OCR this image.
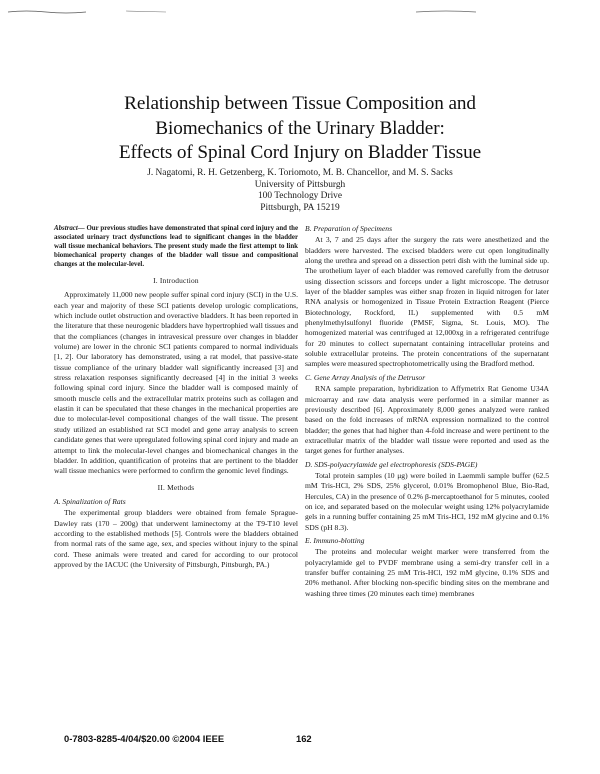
Relationship between Tissue Composition and
Biomechanics of the Urinary Bladder:
Effects of Spinal Cord Injury on Bladder Tissue
J. Nagatomi, R. H. Getzenberg, K. Toriomoto, M. B. Chancellor, and M. S. Sacks
University of Pittsburgh
100 Technology Drive
Pittsburgh, PA 15219

Abstract— Our previous studies have demonstrated that spinal cord injury and the associated urinary tract dysfunctions lead to significant changes in the bladder wall tissue mechanical behaviors. The present study made the first attempt to link biomechanical property changes of the bladder wall tissue and compositional changes at the molecular-level.

I. Introduction

Approximately 11,000 new people suffer spinal cord injury (SCI) in the U.S. each year and majority of these SCI patients develop urologic complications, which include outlet obstruction and overactive bladders. It has been reported in the literature that these neurogenic bladders have hypertrophied wall tissues and that the compliances (changes in intravesical pressure over changes in bladder volume) are lower in the chronic SCI patients compared to normal individuals [1, 2]. Our laboratory has demonstrated, using a rat model, that passive-state tissue compliance of the urinary bladder wall significantly increased [3] and stress relaxation responses significantly decreased [4] in the initial 3 weeks following spinal cord injury. Since the bladder wall is composed mainly of smooth muscle cells and the extracellular matrix proteins such as collagen and elastin it can be speculated that these changes in the mechanical properties are due to molecular-level compositional changes of the wall tissue. The present study utilized an established rat SCI model and gene array analysis to screen candidate genes that were upregulated following spinal cord injury and made an attempt to link the molecular-level changes and biomechanical changes in the bladder. In addition, quantification of proteins that are pertinent to the bladder wall tissue mechanics were performed to confirm the genomic level findings.

II. Methods

A. Spinalization of Rats

The experimental group bladders were obtained from female Sprague-Dawley rats (170 – 200g) that underwent laminectomy at the T9-T10 level according to the established methods [5]. Controls were the bladders obtained from normal rats of the same age, sex, and species without injury to the spinal cord. These animals were treated and cared for according to our protocol approved by the IACUC (the University of Pittsburgh, Pittsburgh, PA.)

B. Preparation of Specimens

At 3, 7 and 25 days after the surgery the rats were anesthetized and the bladders were harvested. The excised bladders were cut open longitudinally along the urethra and spread on a dissection petri dish with the luminal side up. The urothelium layer of each bladder was removed carefully from the detrusor using dissection scissors and forceps under a light microscope. The detrusor layer of the bladder samples was either snap frozen in liquid nitrogen for later RNA analysis or homogenized in Tissue Protein Extraction Reagent (Pierce Biotechnology, Rockford, IL) supplemented with 0.5 mM phenylmethylsulfonyl fluoride (PMSF, Sigma, St. Louis, MO). The homogenized material was centrifuged at 12,000xg in a refrigerated centrifuge for 20 minutes to collect supernatant containing intracellular proteins and soluble extracellular proteins. The protein concentrations of the supernatant samples were measured spectrophotometrically using the Bradford method.

C. Gene Array Analysis of the Detrusor

RNA sample preparation, hybridization to Affymetrix Rat Genome U34A microarray and raw data analysis were performed in a similar manner as previously described [6]. Approximately 8,000 genes analyzed were ranked based on the fold increases of mRNA expression normalized to the control bladder; the genes that had higher than 4-fold increase and were pertinent to the extracellular matrix of the bladder wall tissue were reported and used as the target genes for further analyses.

D. SDS-polyacrylamide gel electrophoresis (SDS-PAGE)

Total protein samples (10 μg) were boiled in Laemmli sample buffer (62.5 mM Tris-HCl, 2% SDS, 25% glycerol, 0.01% Bromophenol Blue, Bio-Rad, Hercules, CA) in the presence of 0.2% β-mercaptoethanol for 5 minutes, cooled on ice, and separated based on the molecular weight using 12% polyacrylamide gels in a running buffer containing 25 mM Tris-HCl, 192 mM glycine and 0.1% SDS (pH 8.3).

E. Immuno-blotting

The proteins and molecular weight marker were transferred from the polyacrylamide gel to PVDF membrane using a semi-dry transfer cell in a transfer buffer containing 25 mM Tris-HCl, 192 mM glycine, 0.1% SDS and 20% methanol. After blocking non-specific binding sites on the membrane and washing three times (20 minutes each time) membranes

0-7803-8285-4/04/$20.00 ©2004 IEEE	162
